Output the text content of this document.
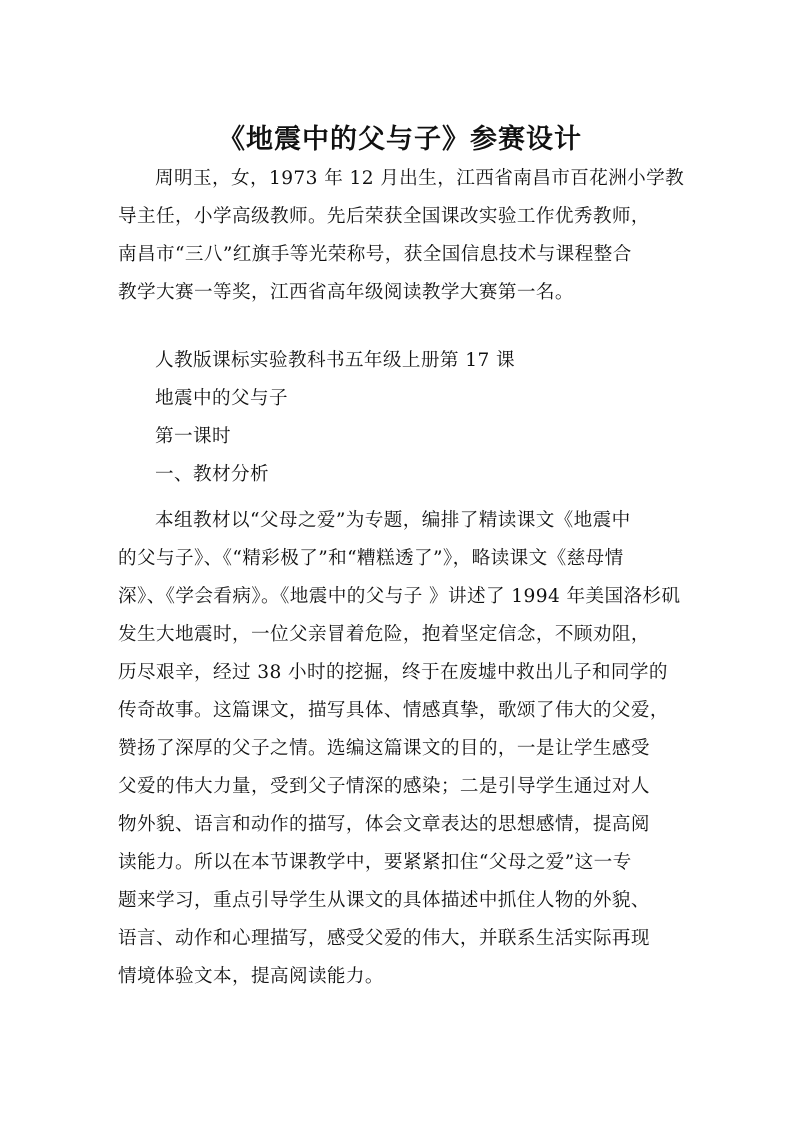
《地震中的父与子》参赛设计
周明玉，女，1973 年 12 月出生，江西省南昌市百花洲小学教
导主任，小学高级教师。先后荣获全国课改实验工作优秀教师，
南昌市“三八”红旗手等光荣称号，获全国信息技术与课程整合
教学大赛一等奖，江西省高年级阅读教学大赛第一名。
人教版课标实验教科书五年级上册第 17 课
地震中的父与子
第一课时
一、教材分析
本组教材以“父母之爱”为专题，编排了精读课文《地震中
的父与子》、《“精彩极了”和“糟糕透了”》，略读课文《慈母情
深》、《学会看病》。《地震中的父与子 》讲述了 1994 年美国洛杉矶
发生大地震时，一位父亲冒着危险，抱着坚定信念，不顾劝阻，
历尽艰辛，经过 38 小时的挖掘，终于在废墟中救出儿子和同学的
传奇故事。这篇课文，描写具体、情感真挚，歌颂了伟大的父爱，
赞扬了深厚的父子之情。选编这篇课文的目的，一是让学生感受
父爱的伟大力量，受到父子情深的感染；二是引导学生通过对人
物外貌、语言和动作的描写，体会文章表达的思想感情，提高阅
读能力。所以在本节课教学中，要紧紧扣住“父母之爱”这一专
题来学习，重点引导学生从课文的具体描述中抓住人物的外貌、
语言、动作和心理描写，感受父爱的伟大，并联系生活实际再现
情境体验文本，提高阅读能力。
